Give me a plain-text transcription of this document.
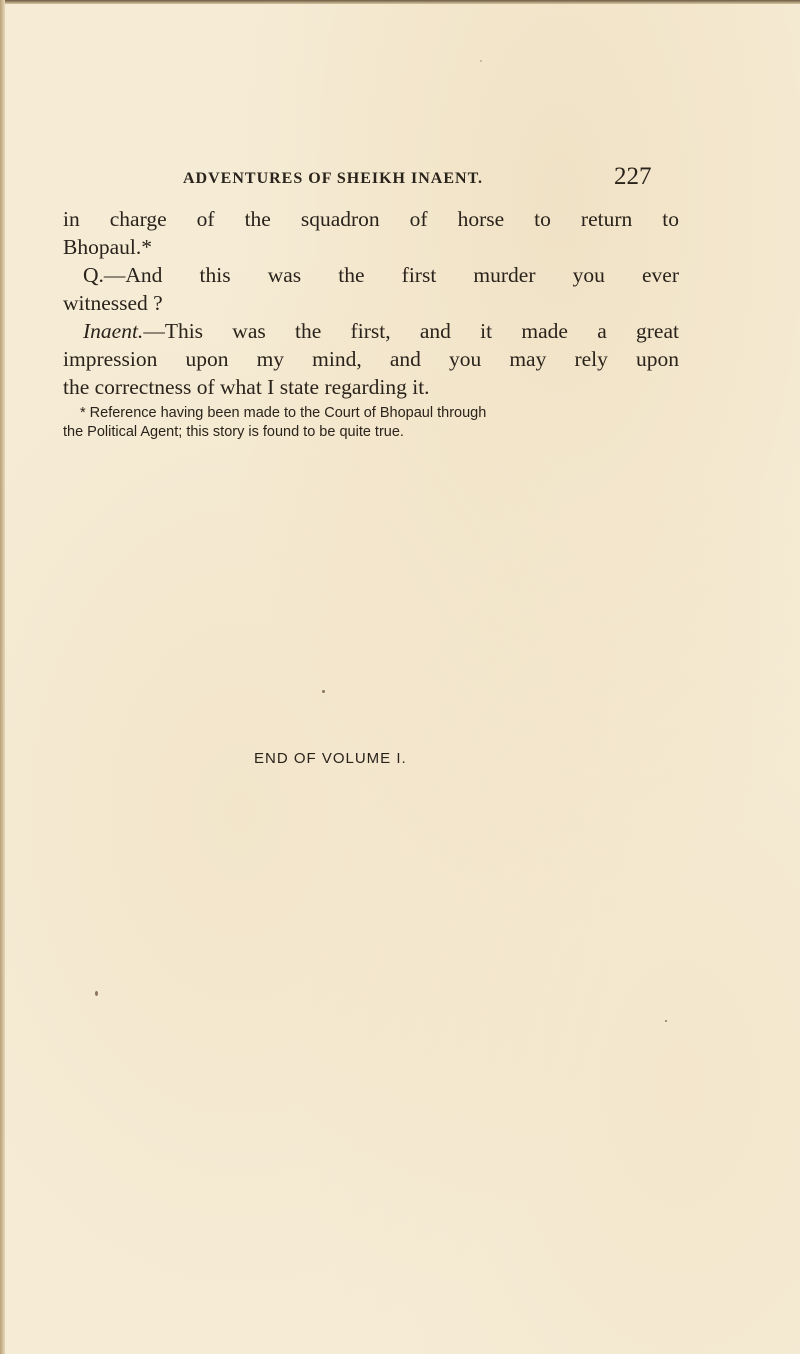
ADVENTURES OF SHEIKH INAENT.	227
in charge of the squadron of horse to return to
Bhopaul.*
Q.—And this was the first murder you ever
witnessed ?
Inaent.—This was the first, and it made a great
impression upon my mind, and you may rely upon
the correctness of what I state regarding it.
* Reference having been made to the Court of Bhopaul through
the Political Agent; this story is found to be quite true.
END OF VOLUME I.
